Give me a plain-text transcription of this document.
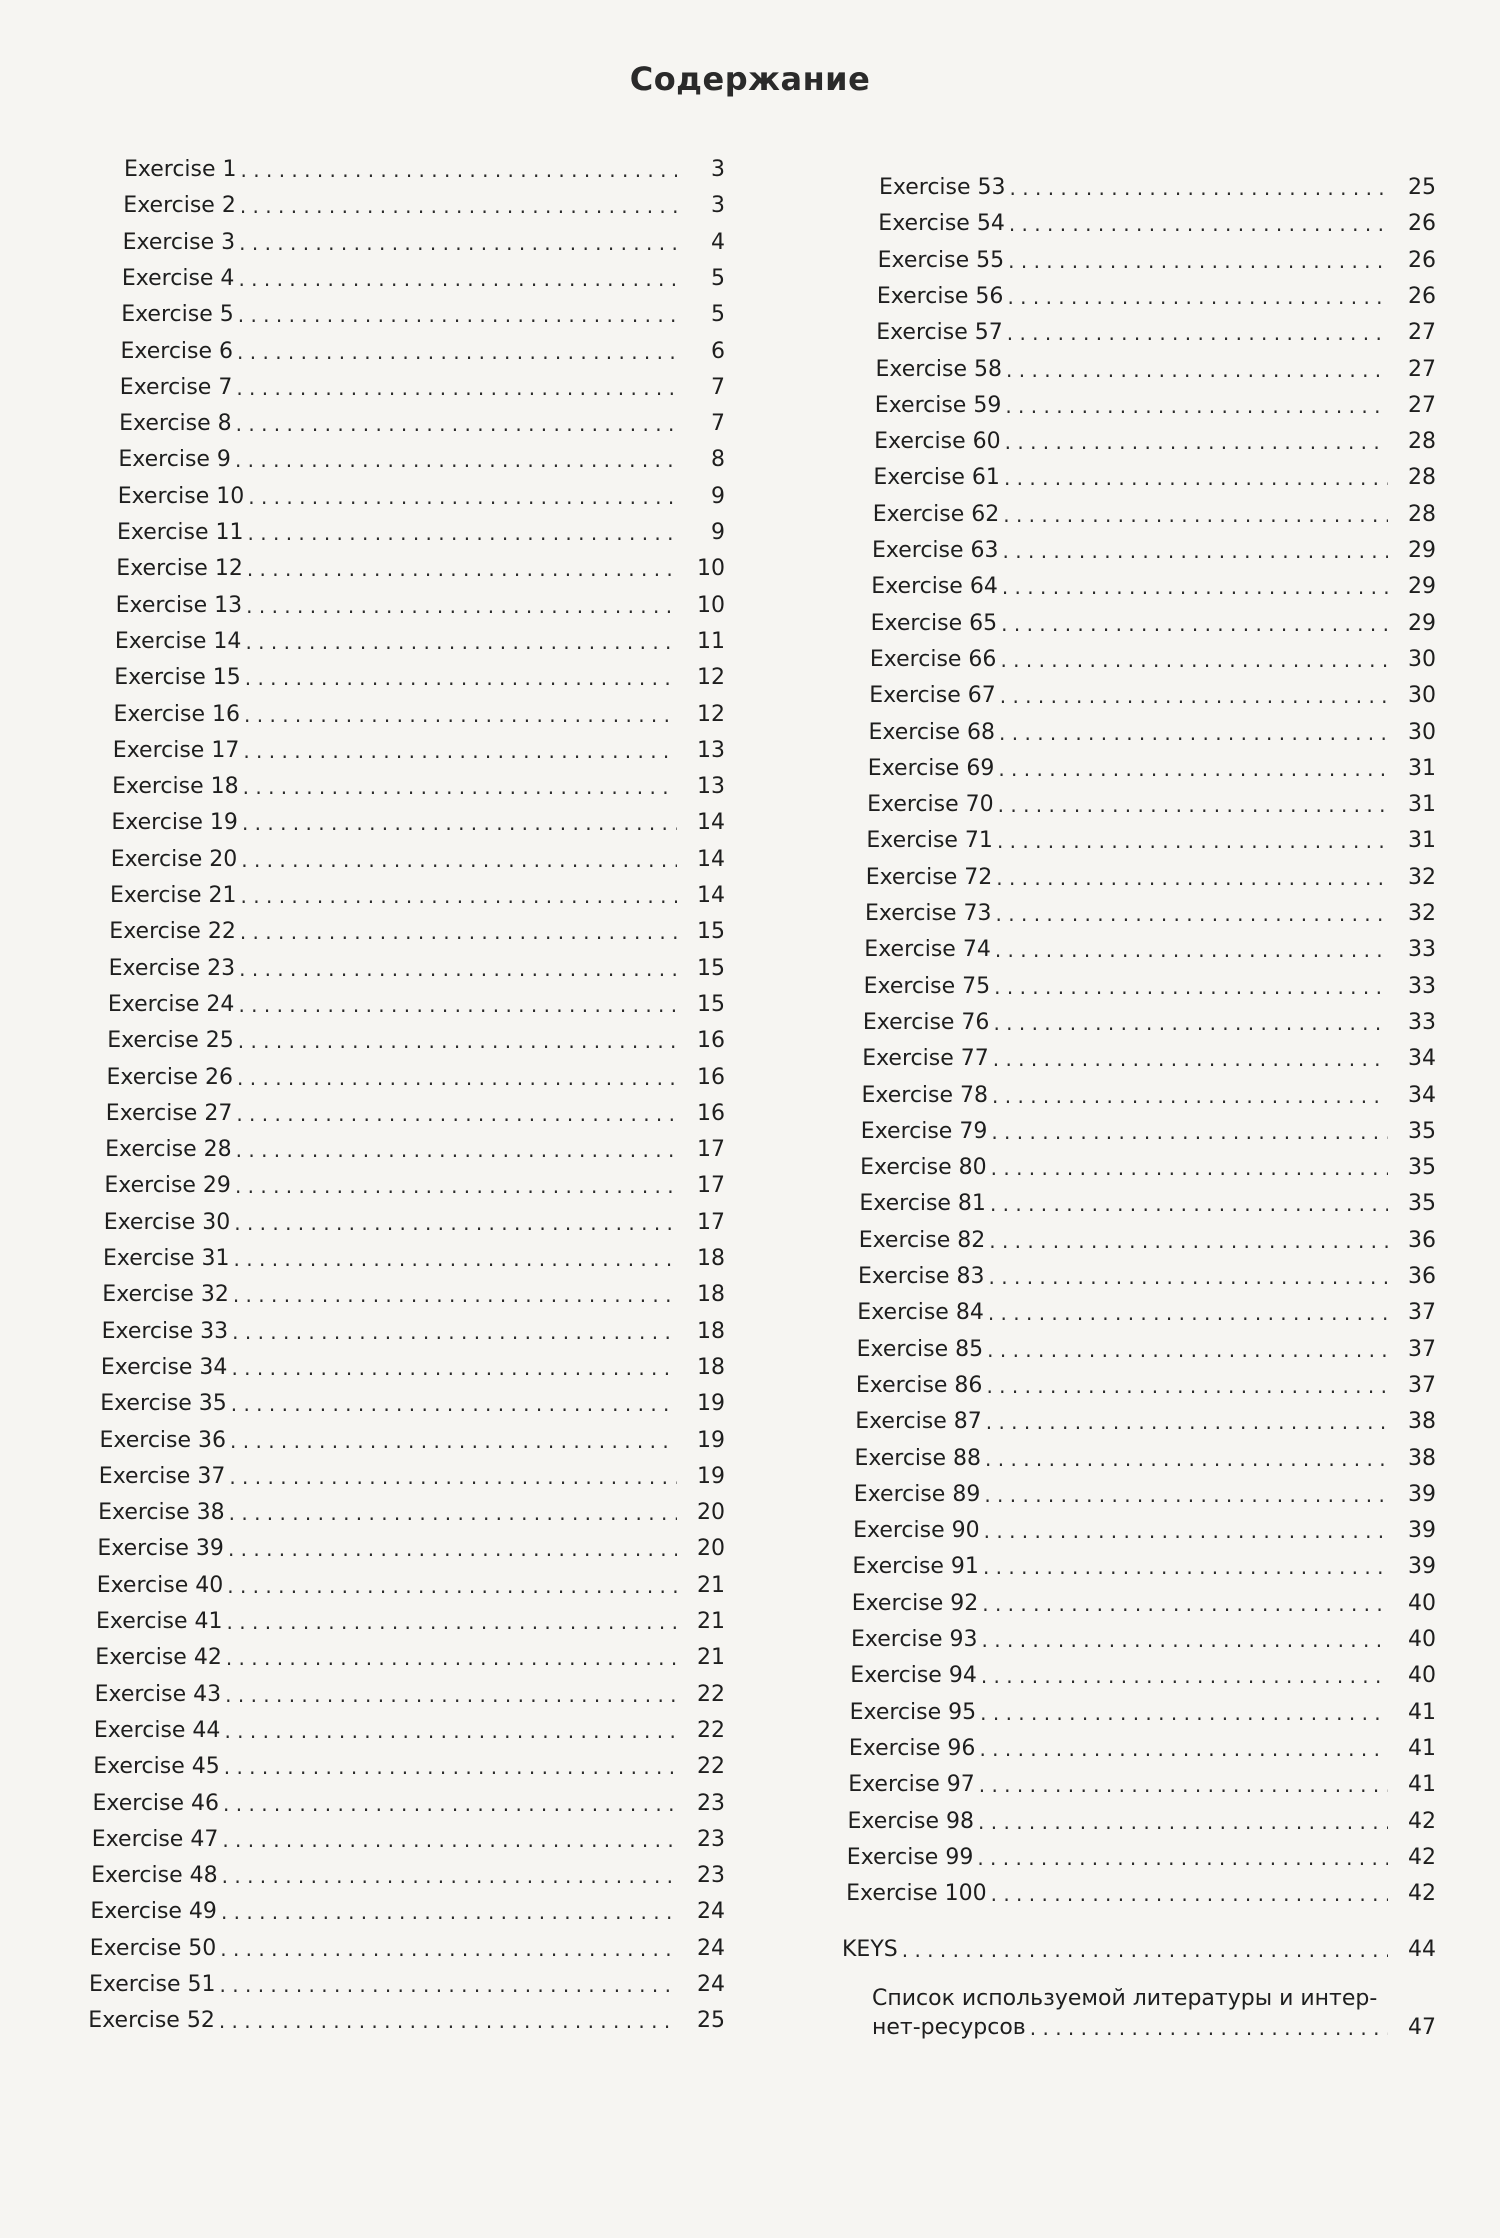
Содержание
Exercise 1 . . .	3
Exercise 2 . . .	3
Exercise 3 . . .	4
Exercise 4 . . .	5
Exercise 5 . . .	5
Exercise 6 . . .	6
Exercise 7 . . .	7
Exercise 8 . . .	7
Exercise 9 . . .	8
Exercise 10 . . .	9
Exercise 11 . . .	9
Exercise 12 . . .	10
Exercise 13 . . .	10
Exercise 14 . . .	11
Exercise 15 . . .	12
Exercise 16 . . .	12
Exercise 17 . . .	13
Exercise 18 . . .	13
Exercise 19 . . .	14
Exercise 20 . . .	14
Exercise 21 . . .	14
Exercise 22 . . .	15
Exercise 23 . . .	15
Exercise 24 . . .	15
Exercise 25 . . .	16
Exercise 26 . . .	16
Exercise 27 . . .	16
Exercise 28 . . .	17
Exercise 29 . . .	17
Exercise 30 . . .	17
Exercise 31 . . .	18
Exercise 32 . . .	18
Exercise 33 . . .	18
Exercise 34 . . .	18
Exercise 35 . . .	19
Exercise 36 . . .	19
Exercise 37 . . .	19
Exercise 38 . . .	20
Exercise 39 . . .	20
Exercise 40 . . .	21
Exercise 41 . . .	21
Exercise 42 . . .	21
Exercise 43 . . .	22
Exercise 44 . . .	22
Exercise 45 . . .	22
Exercise 46 . . .	23
Exercise 47 . . .	23
Exercise 48 . . .	23
Exercise 49 . . .	24
Exercise 50 . . .	24
Exercise 51 . . .	24
Exercise 52 . . .	25
Exercise 53 . . .	25
Exercise 54 . . .	26
Exercise 55 . . .	26
Exercise 56 . . .	26
Exercise 57 . . .	27
Exercise 58 . . .	27
Exercise 59 . . .	27
Exercise 60 . . .	28
Exercise 61 . . .	28
Exercise 62 . . .	28
Exercise 63 . . .	29
Exercise 64 . . .	29
Exercise 65 . . .	29
Exercise 66 . . .	30
Exercise 67 . . .	30
Exercise 68 . . .	30
Exercise 69 . . .	31
Exercise 70 . . .	31
Exercise 71 . . .	31
Exercise 72 . . .	32
Exercise 73 . . .	32
Exercise 74 . . .	33
Exercise 75 . . .	33
Exercise 76 . . .	33
Exercise 77 . . .	34
Exercise 78 . . .	34
Exercise 79 . . .	35
Exercise 80 . . .	35
Exercise 81 . . .	35
Exercise 82 . . .	36
Exercise 83 . . .	36
Exercise 84 . . .	37
Exercise 85 . . .	37
Exercise 86 . . .	37
Exercise 87 . . .	38
Exercise 88 . . .	38
Exercise 89 . . .	39
Exercise 90 . . .	39
Exercise 91 . . .	39
Exercise 92 . . .	40
Exercise 93 . . .	40
Exercise 94 . . .	40
Exercise 95 . . .	41
Exercise 96 . . .	41
Exercise 97 . . .	41
Exercise 98 . . .	42
Exercise 99 . . .	42
Exercise 100 . . .	42
KEYS . . .	44
Список используемой литературы и интер-
нет-ресурсов . . .	47
